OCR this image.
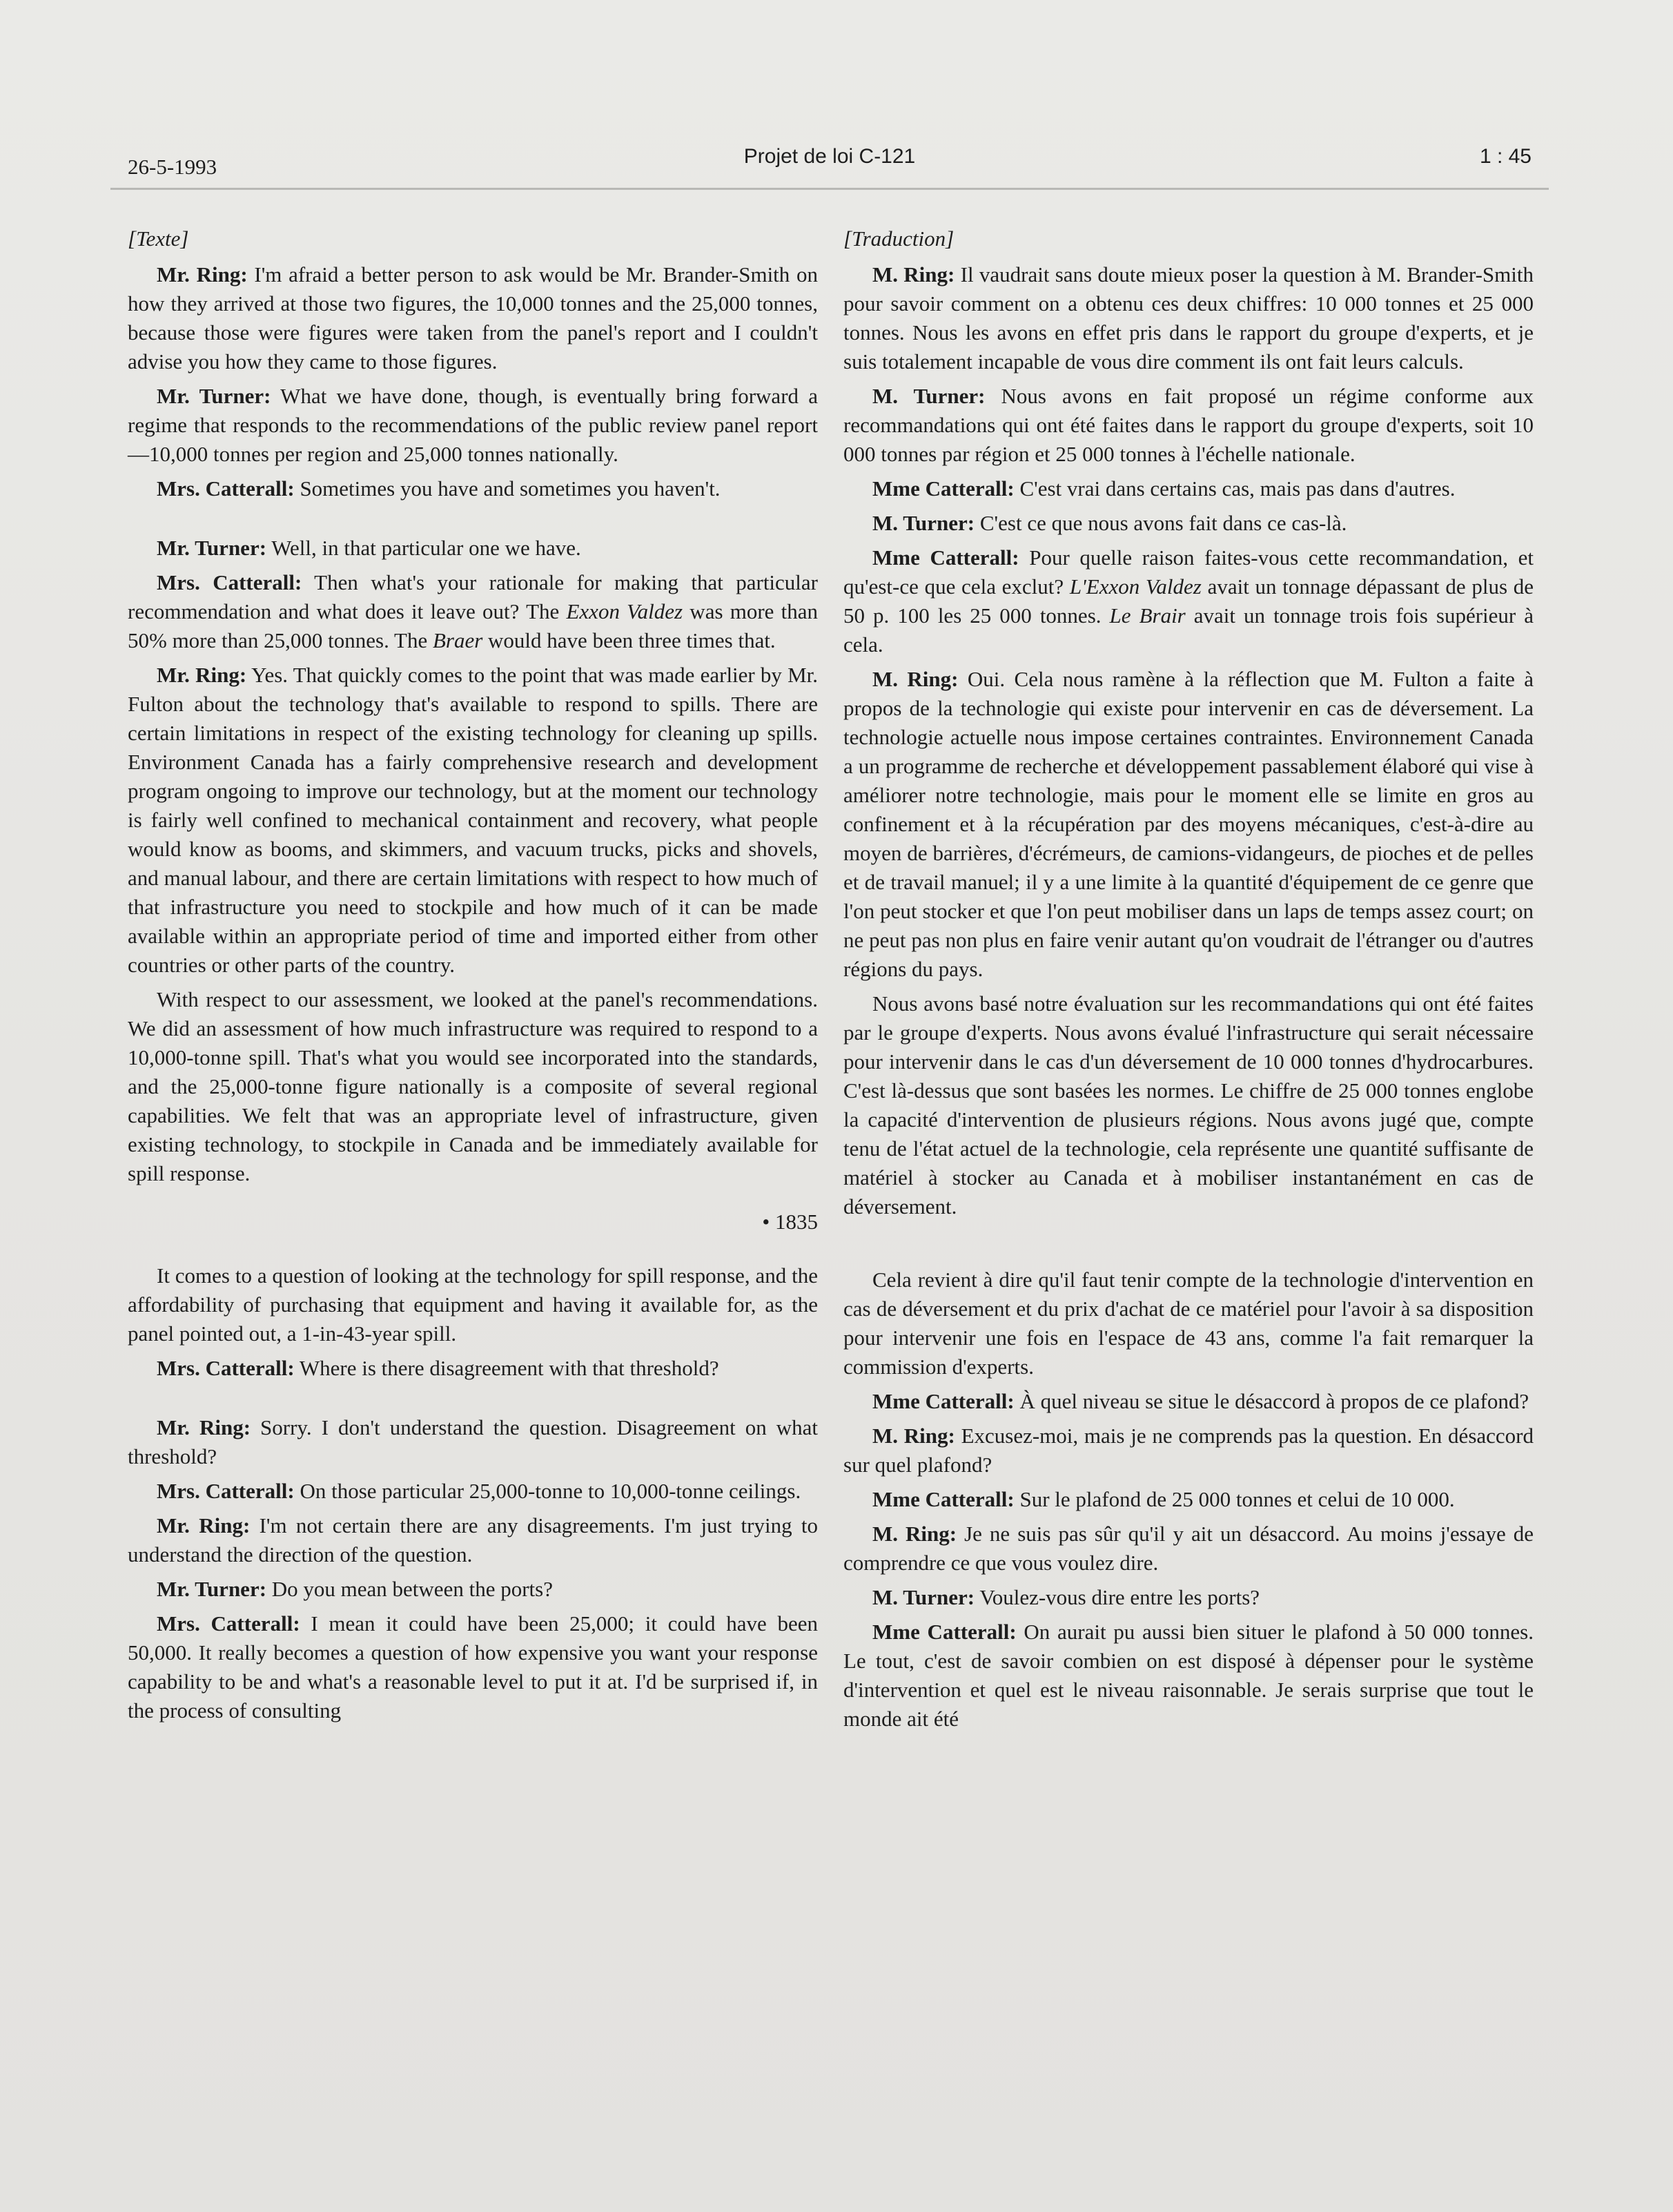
26-5-1993	Projet de loi C-121	1 : 45

[Texte]

Mr. Ring: I'm afraid a better person to ask would be Mr. Brander-Smith on how they arrived at those two figures, the 10,000 tonnes and the 25,000 tonnes, because those were figures were taken from the panel's report and I couldn't advise you how they came to those figures.

Mr. Turner: What we have done, though, is eventually bring forward a regime that responds to the recommendations of the public review panel report—10,000 tonnes per region and 25,000 tonnes nationally.

Mrs. Catterall: Sometimes you have and sometimes you haven't.

Mr. Turner: Well, in that particular one we have.

Mrs. Catterall: Then what's your rationale for making that particular recommendation and what does it leave out? The Exxon Valdez was more than 50% more than 25,000 tonnes. The Braer would have been three times that.

Mr. Ring: Yes. That quickly comes to the point that was made earlier by Mr. Fulton about the technology that's available to respond to spills. There are certain limitations in respect of the existing technology for cleaning up spills. Environment Canada has a fairly comprehensive research and development program ongoing to improve our technology, but at the moment our technology is fairly well confined to mechanical containment and recovery, what people would know as booms, and skimmers, and vacuum trucks, picks and shovels, and manual labour, and there are certain limitations with respect to how much of that infrastructure you need to stockpile and how much of it can be made available within an appropriate period of time and imported either from other countries or other parts of the country.

With respect to our assessment, we looked at the panel's recommendations. We did an assessment of how much infrastructure was required to respond to a 10,000-tonne spill. That's what you would see incorporated into the standards, and the 25,000-tonne figure nationally is a composite of several regional capabilities. We felt that was an appropriate level of infrastructure, given existing technology, to stockpile in Canada and be immediately available for spill response.

• 1835

It comes to a question of looking at the technology for spill response, and the affordability of purchasing that equipment and having it available for, as the panel pointed out, a 1-in-43-year spill.

Mrs. Catterall: Where is there disagreement with that threshold?

Mr. Ring: Sorry. I don't understand the question. Disagreement on what threshold?

Mrs. Catterall: On those particular 25,000-tonne to 10,000-tonne ceilings.

Mr. Ring: I'm not certain there are any disagreements. I'm just trying to understand the direction of the question.

Mr. Turner: Do you mean between the ports?

Mrs. Catterall: I mean it could have been 25,000; it could have been 50,000. It really becomes a question of how expensive you want your response capability to be and what's a reasonable level to put it at. I'd be surprised if, in the process of consulting

[Traduction]

M. Ring: Il vaudrait sans doute mieux poser la question à M. Brander-Smith pour savoir comment on a obtenu ces deux chiffres: 10 000 tonnes et 25 000 tonnes. Nous les avons en effet pris dans le rapport du groupe d'experts, et je suis totalement incapable de vous dire comment ils ont fait leurs calculs.

M. Turner: Nous avons en fait proposé un régime conforme aux recommandations qui ont été faites dans le rapport du groupe d'experts, soit 10 000 tonnes par région et 25 000 tonnes à l'échelle nationale.

Mme Catterall: C'est vrai dans certains cas, mais pas dans d'autres.

M. Turner: C'est ce que nous avons fait dans ce cas-là.

Mme Catterall: Pour quelle raison faites-vous cette recommandation, et qu'est-ce que cela exclut? L'Exxon Valdez avait un tonnage dépassant de plus de 50 p. 100 les 25 000 tonnes. Le Brair avait un tonnage trois fois supérieur à cela.

M. Ring: Oui. Cela nous ramène à la réflection que M. Fulton a faite à propos de la technologie qui existe pour intervenir en cas de déversement. La technologie actuelle nous impose certaines contraintes. Environnement Canada a un programme de recherche et développement passablement élaboré qui vise à améliorer notre technologie, mais pour le moment elle se limite en gros au confinement et à la récupération par des moyens mécaniques, c'est-à-dire au moyen de barrières, d'écrémeurs, de camions-vidangeurs, de pioches et de pelles et de travail manuel; il y a une limite à la quantité d'équipement de ce genre que l'on peut stocker et que l'on peut mobiliser dans un laps de temps assez court; on ne peut pas non plus en faire venir autant qu'on voudrait de l'étranger ou d'autres régions du pays.

Nous avons basé notre évaluation sur les recommandations qui ont été faites par le groupe d'experts. Nous avons évalué l'infrastructure qui serait nécessaire pour intervenir dans le cas d'un déversement de 10 000 tonnes d'hydrocarbures. C'est là-dessus que sont basées les normes. Le chiffre de 25 000 tonnes englobe la capacité d'intervention de plusieurs régions. Nous avons jugé que, compte tenu de l'état actuel de la technologie, cela représente une quantité suffisante de matériel à stocker au Canada et à mobiliser instantanément en cas de déversement.

Cela revient à dire qu'il faut tenir compte de la technologie d'intervention en cas de déversement et du prix d'achat de ce matériel pour l'avoir à sa disposition pour intervenir une fois en l'espace de 43 ans, comme l'a fait remarquer la commission d'experts.

Mme Catterall: À quel niveau se situe le désaccord à propos de ce plafond?

M. Ring: Excusez-moi, mais je ne comprends pas la question. En désaccord sur quel plafond?

Mme Catterall: Sur le plafond de 25 000 tonnes et celui de 10 000.

M. Ring: Je ne suis pas sûr qu'il y ait un désaccord. Au moins j'essaye de comprendre ce que vous voulez dire.

M. Turner: Voulez-vous dire entre les ports?

Mme Catterall: On aurait pu aussi bien situer le plafond à 50 000 tonnes. Le tout, c'est de savoir combien on est disposé à dépenser pour le système d'intervention et quel est le niveau raisonnable. Je serais surprise que tout le monde ait été
